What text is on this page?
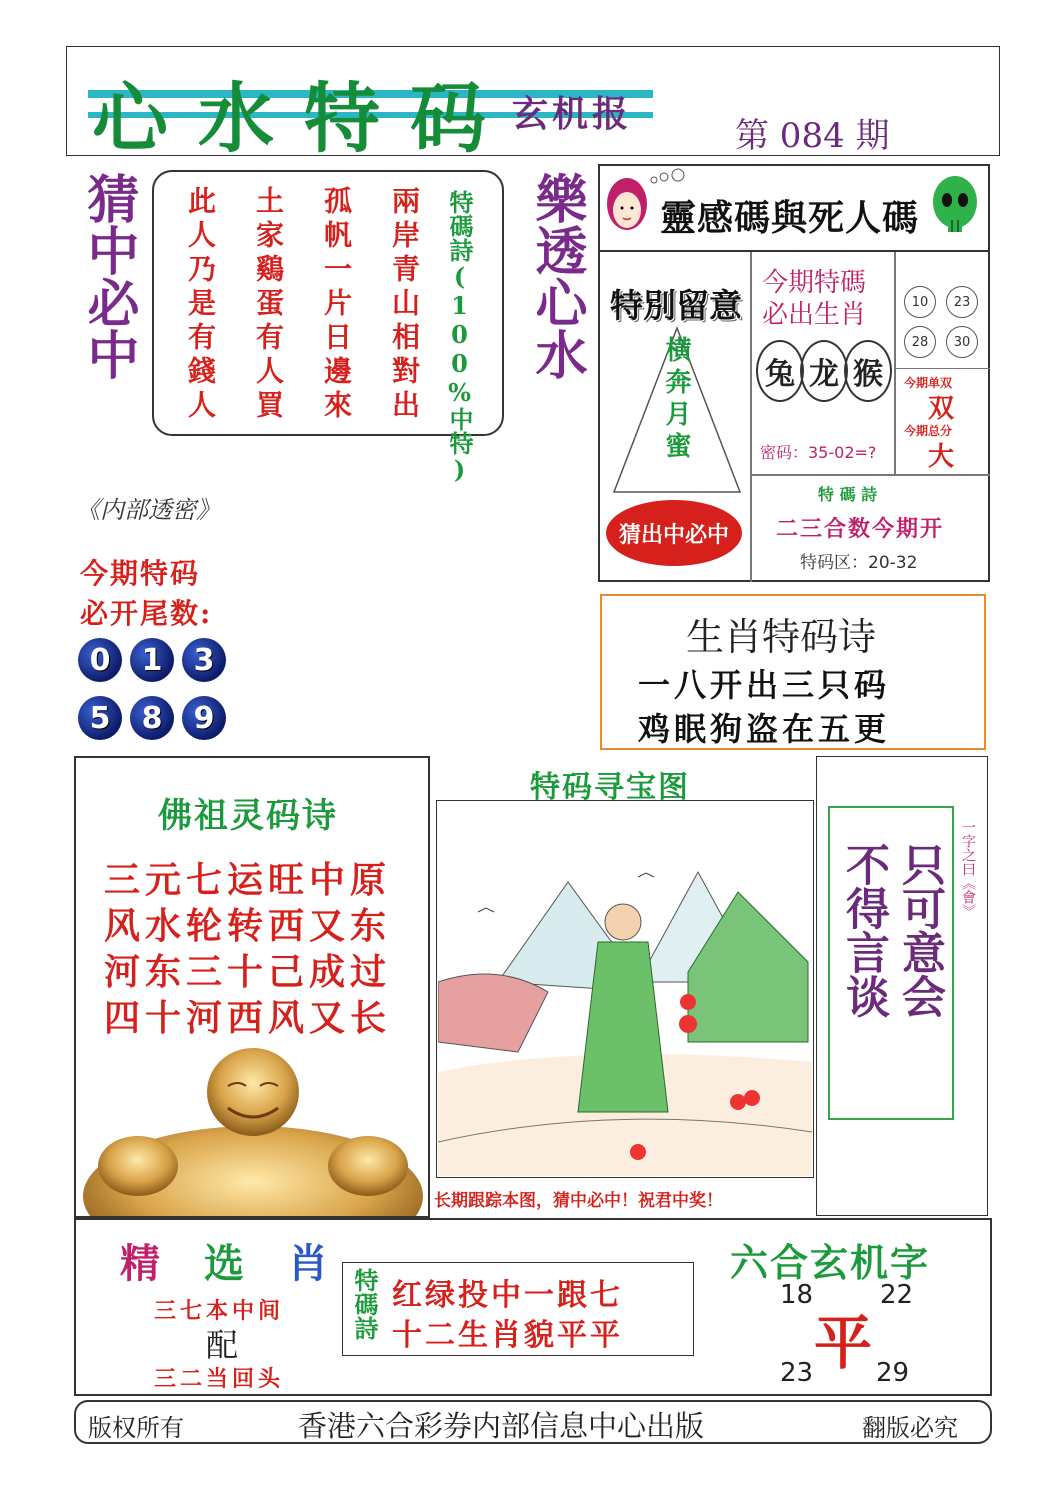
心水特码
玄机报
第 084 期
猜中必中 此人乃是有錢人 土家鷄蛋有人買 孤帆一片日邊來 兩岸青山相對出 特碼詩(100%中特) 樂透心水 靈感碼與死人碼
特別留意
横奔月蜜
猜出中必中
今期特碼
必出生肖
兔 龙 猴
密码：35-02=?
10	23
28	30
今期单双
双
今期总分
大
特 碼 詩
二三合数今期开
特码区：20-32
《内部透密》
今期特码
必开尾数:
0	1	3
5	8	9
生肖特码诗
一八开出三只码
鸡眠狗盗在五更
佛祖灵码诗
三元七运旺中原
风水轮转西又东
河东三十己成过
四十河西风又长
特码寻宝图
长期跟踪本图，猜中必中！祝君中奖！
只可意会
不得言谈	一字之曰《會》
精 选 肖
三七本中间
配
三二当回头
特碼詩 红绿投中一跟七
十二生肖貌平平
六合玄机字
18	22
平
23 29
版权所有	香港六合彩券内部信息中心出版	翻版必究
